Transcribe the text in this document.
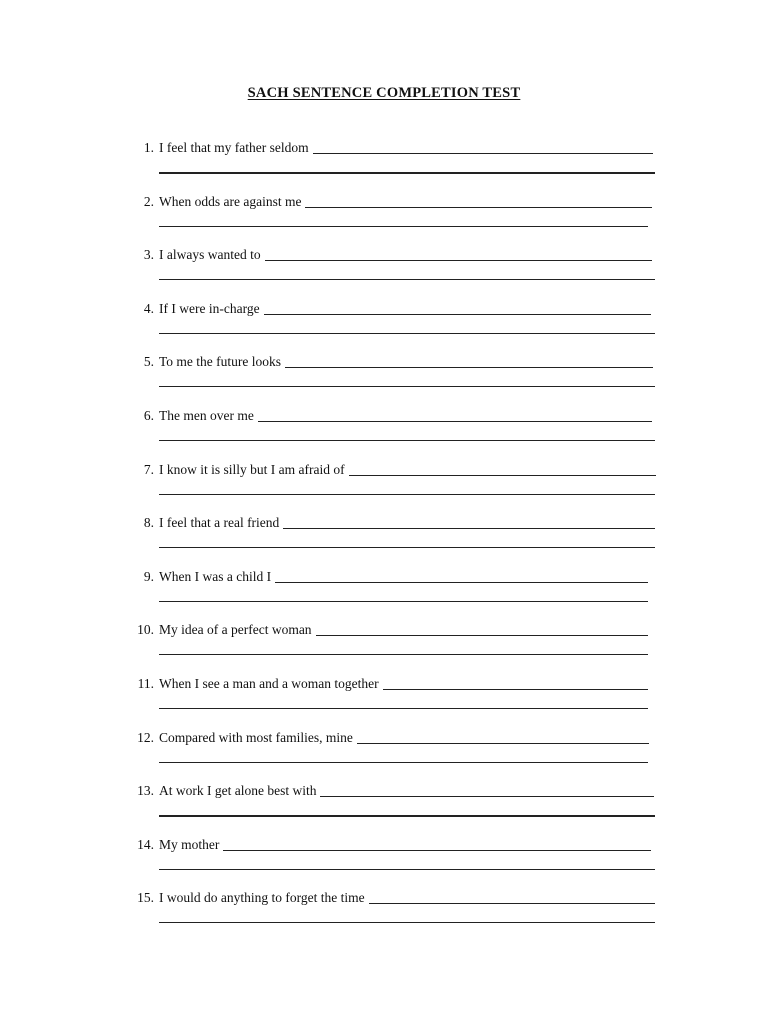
SACH SENTENCE COMPLETION TEST
1. I feel that my father seldom
2. When odds are against me
3. I always wanted to
4. If I were in-charge
5. To me the future looks
6. The men over me
7. I know it is silly but I am afraid of
8. I feel that a real friend
9. When I was a child I
10. My idea of a perfect woman
11. When I see a man and a woman together
12. Compared with most families, mine
13. At work I get alone best with
14. My mother
15. I would do anything to forget the time
